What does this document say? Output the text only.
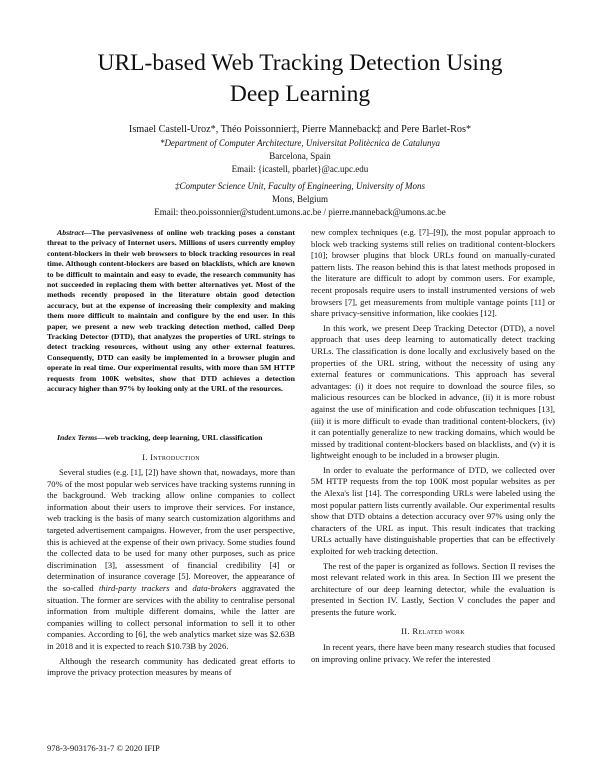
URL-based Web Tracking Detection Using
Deep Learning
Ismael Castell-Uroz*, Théo Poissonnier‡, Pierre Manneback‡ and Pere Barlet-Ros*
*Department of Computer Architecture, Universitat Politècnica de Catalunya
Barcelona, Spain
Email: {icastell, pbarlet}@ac.upc.edu
‡Computer Science Unit, Faculty of Engineering, University of Mons
Mons, Belgium
Email: theo.poissonnier@student.umons.ac.be / pierre.manneback@umons.ac.be
Abstract—The pervasiveness of online web tracking poses a constant threat to the privacy of Internet users. Millions of users currently employ content-blockers in their web browsers to block tracking resources in real time. Although content-blockers are based on blacklists, which are known to be difficult to maintain and easy to evade, the research community has not succeeded in replacing them with better alternatives yet. Most of the methods recently proposed in the literature obtain good detection accuracy, but at the expense of increasing their complexity and making them more difficult to maintain and configure by the end user. In this paper, we present a new web tracking detection method, called Deep Tracking Detector (DTD), that analyzes the properties of URL strings to detect tracking resources, without using any other external features. Consequently, DTD can easily be implemented in a browser plugin and operate in real time. Our experimental results, with more than 5M HTTP requests from 100K websites, show that DTD achieves a detection accuracy higher than 97% by looking only at the URL of the resources.
Index Terms—web tracking, deep learning, URL classification
I. Introduction

Several studies (e.g. [1], [2]) have shown that, nowadays, more than 70% of the most popular web services have tracking systems running in the background. Web tracking allow online companies to collect information about their users to improve their services. For instance, web tracking is the basis of many search customization algorithms and targeted advertisement campaigns. However, from the user perspective, this is achieved at the expense of their own privacy. Some studies found the collected data to be used for many other purposes, such as price discrimination [3], assessment of financial credibility [4] or determination of insurance coverage [5]. Moreover, the appearance of the so-called third-party trackers and data-brokers aggravated the situation. The former are services with the ability to centralise personal information from multiple different domains, while the latter are companies willing to collect personal information to sell it to other companies. According to [6], the web analytics market size was $2.63B in 2018 and it is expected to reach $10.73B by 2026.

Although the research community has dedicated great efforts to improve the privacy protection measures by means of

new complex techniques (e.g. [7]–[9]), the most popular approach to block web tracking systems still relies on traditional content-blockers [10]; browser plugins that block URLs found on manually-curated pattern lists. The reason behind this is that latest methods proposed in the literature are difficult to adopt by common users. For example, recent proposals require users to install instrumented versions of web browsers [7], get measurements from multiple vantage points [11] or share privacy-sensitive information, like cookies [12].

In this work, we present Deep Tracking Detector (DTD), a novel approach that uses deep learning to automatically detect tracking URLs. The classification is done locally and exclusively based on the properties of the URL string, without the necessity of using any external features or communications. This approach has several advantages: (i) it does not require to download the source files, so malicious resources can be blocked in advance, (ii) it is more robust against the use of minification and code obfuscation techniques [13], (iii) it is more difficult to evade than traditional content-blockers, (iv) it can potentially generalize to new tracking domains, which would be missed by traditional content-blockers based on blacklists, and (v) it is lightweight enough to be included in a browser plugin.

In order to evaluate the performance of DTD, we collected over 5M HTTP requests from the top 100K most popular websites as per the Alexa's list [14]. The corresponding URLs were labeled using the most popular pattern lists currently available. Our experimental results show that DTD obtains a detection accuracy over 97% using only the characters of the URL as input. This result indicates that tracking URLs actually have distinguishable properties that can be effectively exploited for web tracking detection.

The rest of the paper is organized as follows. Section II revises the most relevant related work in this area. In Section III we present the architecture of our deep learning detector, while the evaluation is presented in Section IV. Lastly, Section V concludes the paper and presents the future work.

II. Related work

In recent years, there have been many research studies that focused on improving online privacy. We refer the interested

978-3-903176-31-7 © 2020 IFIP
